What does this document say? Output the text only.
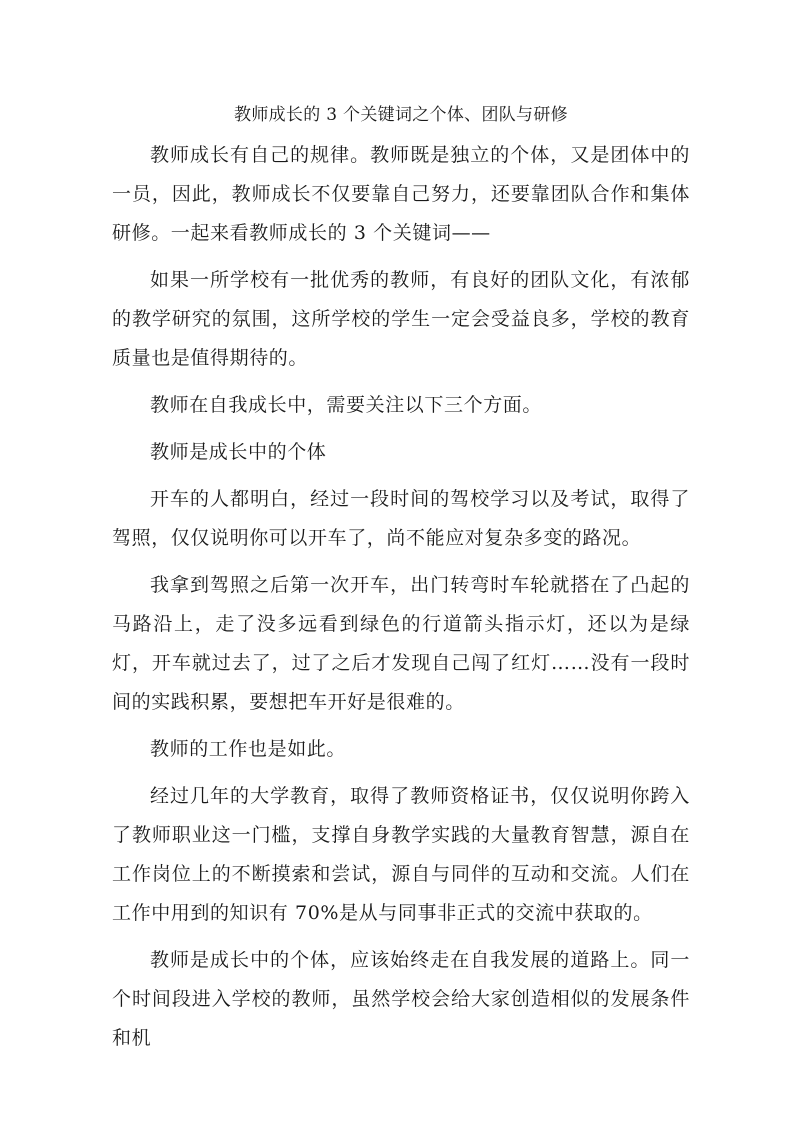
教师成长的 3 个关键词之个体、团队与研修

教师成长有自己的规律。教师既是独立的个体，又是团体中的一员，因此，教师成长不仅要靠自己努力，还要靠团队合作和集体研修。一起来看教师成长的 3 个关键词——

如果一所学校有一批优秀的教师，有良好的团队文化，有浓郁的教学研究的氛围，这所学校的学生一定会受益良多，学校的教育质量也是值得期待的。

教师在自我成长中，需要关注以下三个方面。

教师是成长中的个体

开车的人都明白，经过一段时间的驾校学习以及考试，取得了驾照，仅仅说明你可以开车了，尚不能应对复杂多变的路况。

我拿到驾照之后第一次开车，出门转弯时车轮就搭在了凸起的马路沿上，走了没多远看到绿色的行道箭头指示灯，还以为是绿灯，开车就过去了，过了之后才发现自己闯了红灯……没有一段时间的实践积累，要想把车开好是很难的。

教师的工作也是如此。

经过几年的大学教育，取得了教师资格证书，仅仅说明你跨入了教师职业这一门槛，支撑自身教学实践的大量教育智慧，源自在工作岗位上的不断摸索和尝试，源自与同伴的互动和交流。人们在工作中用到的知识有 70%是从与同事非正式的交流中获取的。

教师是成长中的个体，应该始终走在自我发展的道路上。同一个时间段进入学校的教师，虽然学校会给大家创造相似的发展条件和机
